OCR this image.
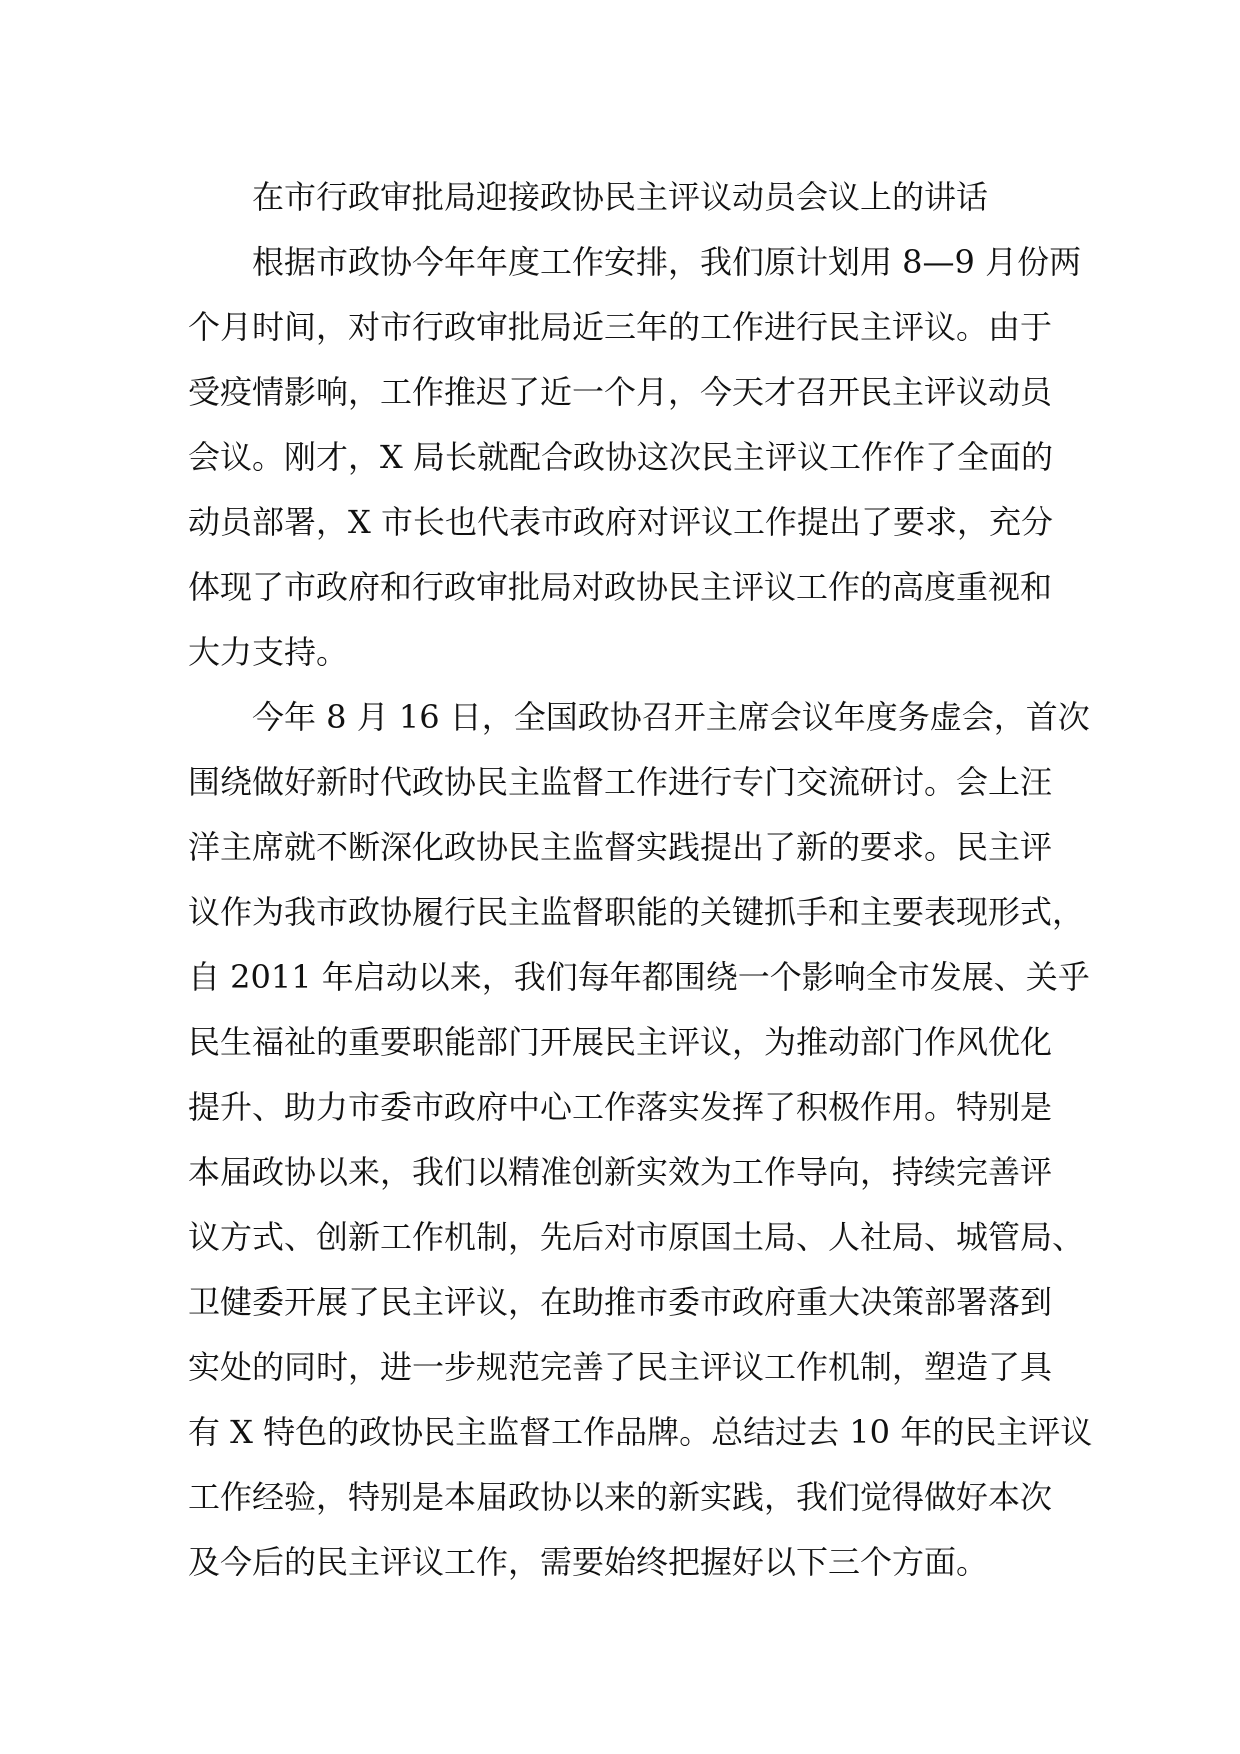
在市行政审批局迎接政协民主评议动员会议上的讲话
根据市政协今年年度工作安排，我们原计划用 8—9 月份两
个月时间，对市行政审批局近三年的工作进行民主评议。由于
受疫情影响，工作推迟了近一个月，今天才召开民主评议动员
会议。刚才，X 局长就配合政协这次民主评议工作作了全面的
动员部署，X 市长也代表市政府对评议工作提出了要求，充分
体现了市政府和行政审批局对政协民主评议工作的高度重视和
大力支持。
今年 8 月 16 日，全国政协召开主席会议年度务虚会，首次
围绕做好新时代政协民主监督工作进行专门交流研讨。会上汪
洋主席就不断深化政协民主监督实践提出了新的要求。民主评
议作为我市政协履行民主监督职能的关键抓手和主要表现形式，
自 2011 年启动以来，我们每年都围绕一个影响全市发展、关乎
民生福祉的重要职能部门开展民主评议，为推动部门作风优化
提升、助力市委市政府中心工作落实发挥了积极作用。特别是
本届政协以来，我们以精准创新实效为工作导向，持续完善评
议方式、创新工作机制，先后对市原国土局、人社局、城管局、
卫健委开展了民主评议，在助推市委市政府重大决策部署落到
实处的同时，进一步规范完善了民主评议工作机制，塑造了具
有 X 特色的政协民主监督工作品牌。总结过去 10 年的民主评议
工作经验，特别是本届政协以来的新实践，我们觉得做好本次
及今后的民主评议工作，需要始终把握好以下三个方面。
